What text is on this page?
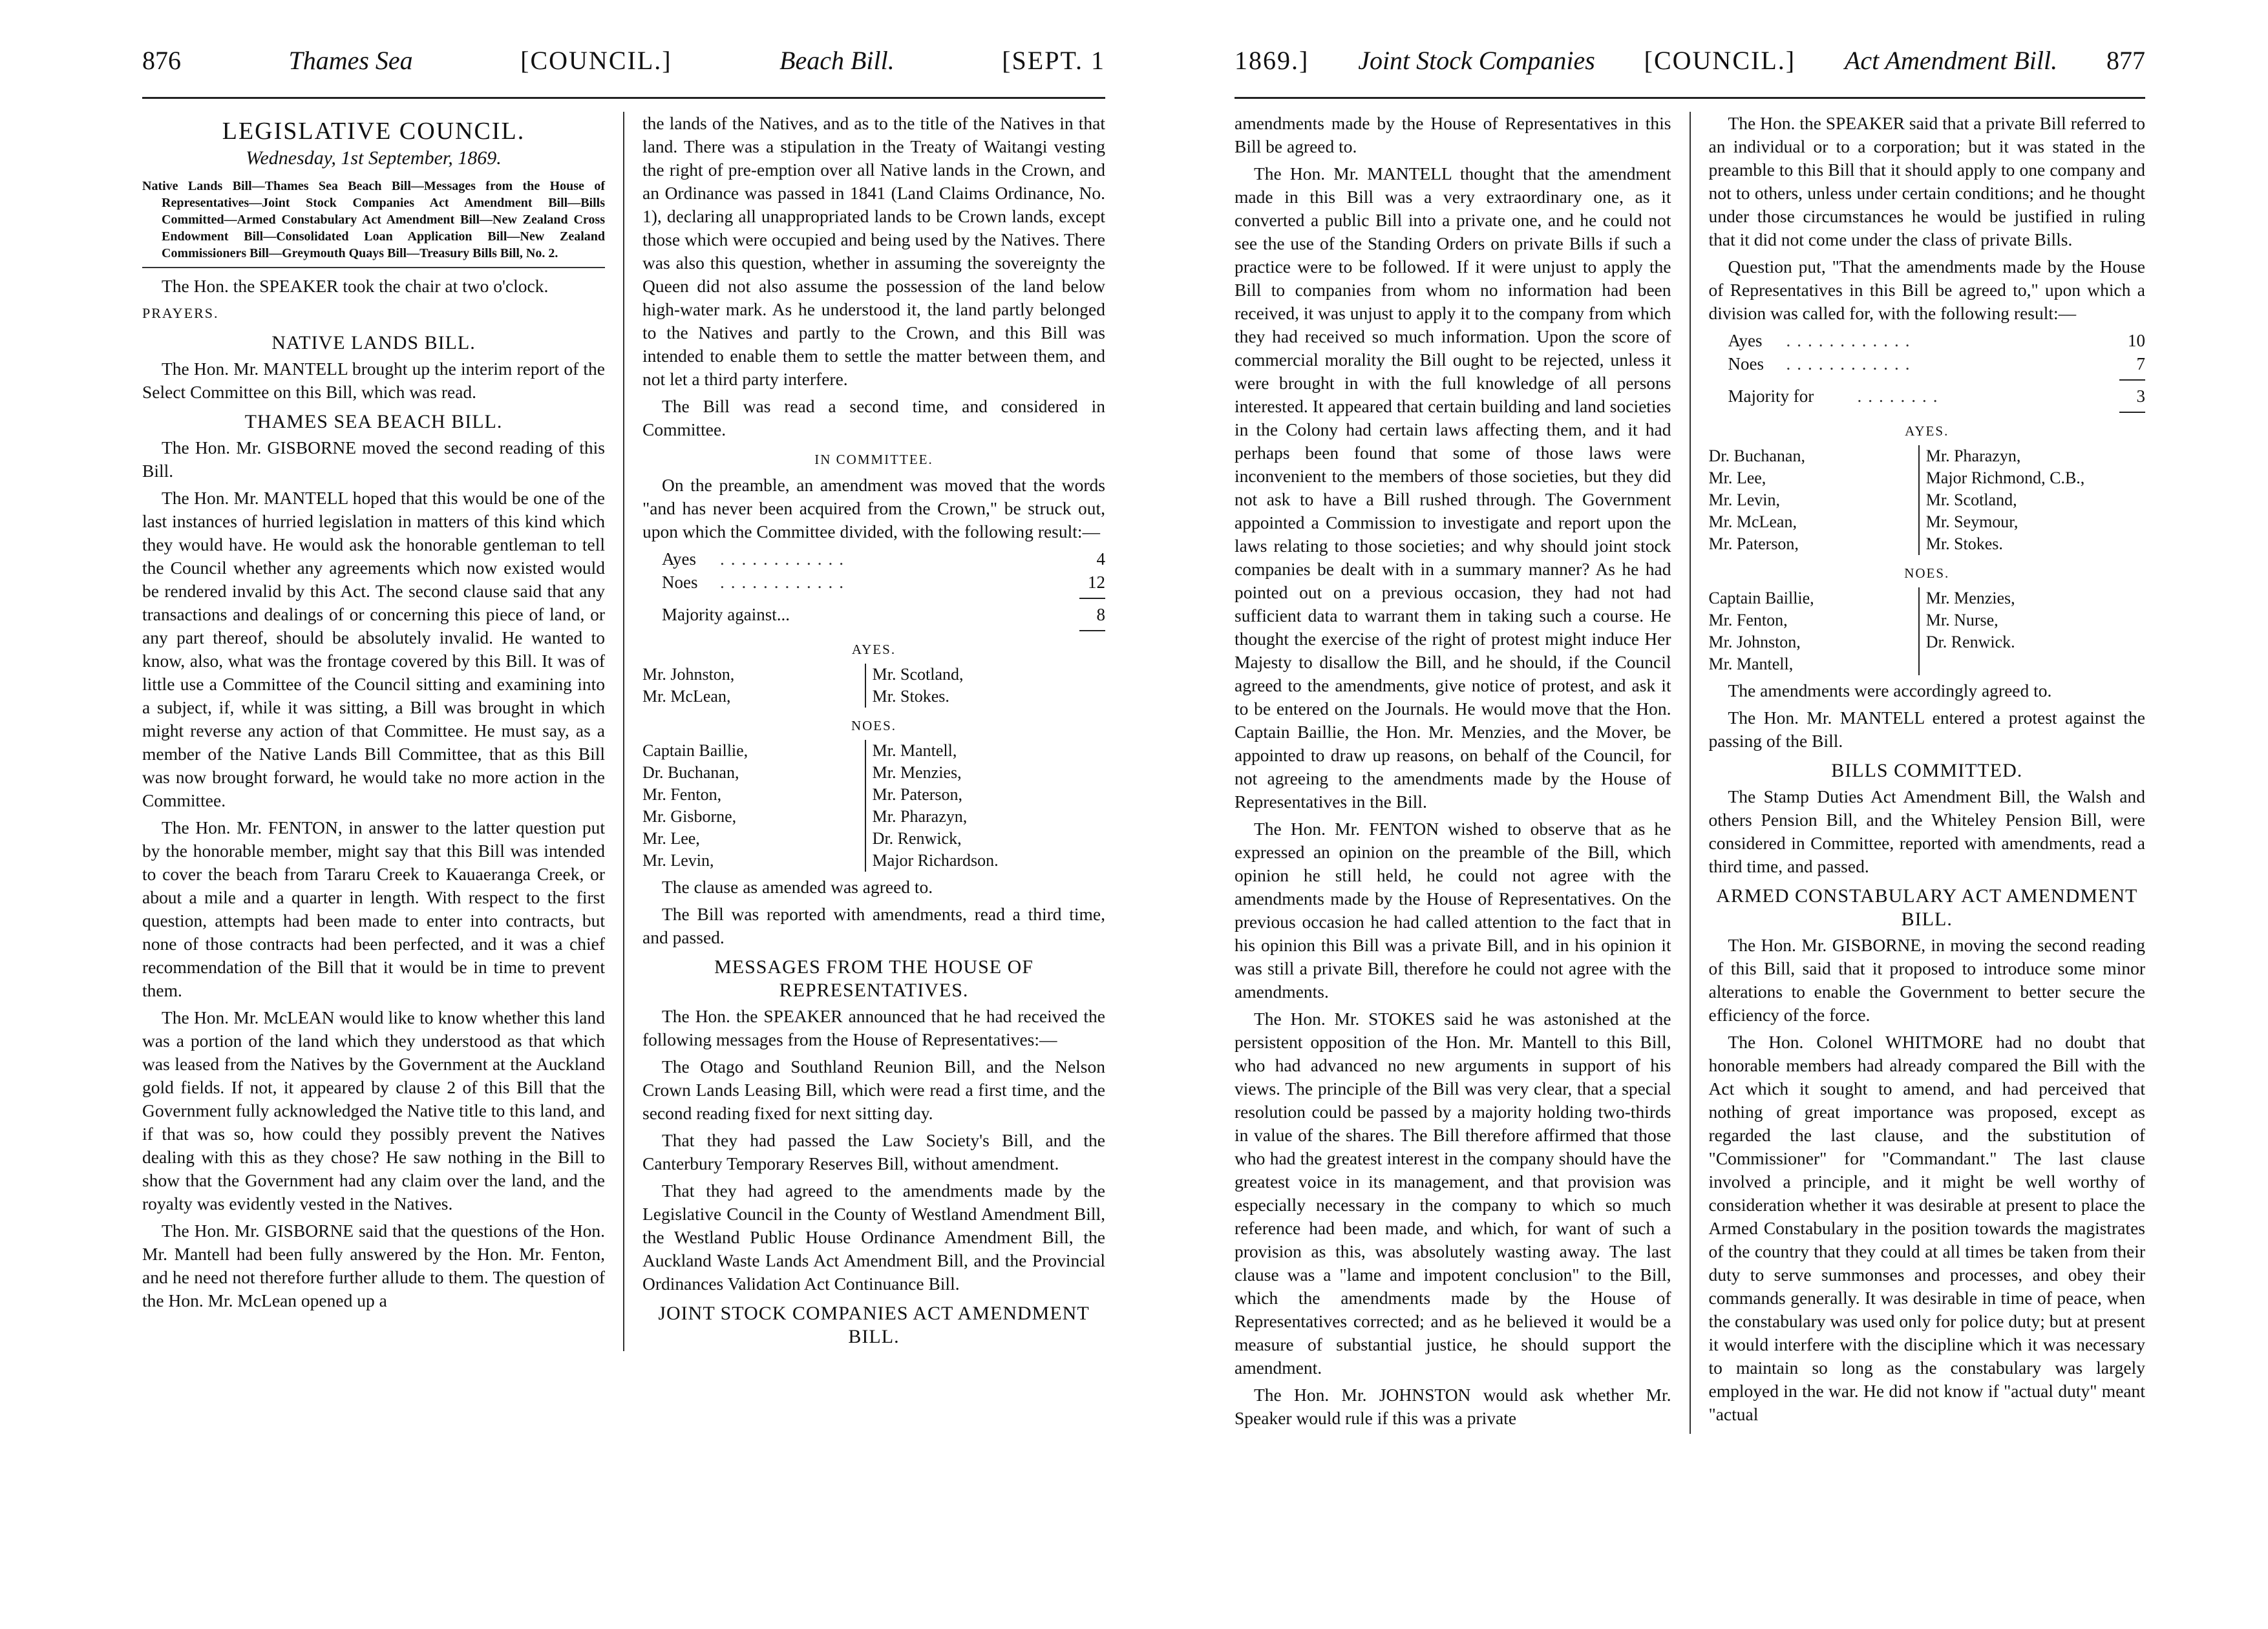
876	Thames Sea	[COUNCIL.]	Beach Bill.	[SEPT. 1
LEGISLATIVE COUNCIL.
Wednesday, 1st September, 1869.
Native Lands Bill—Thames Sea Beach Bill—Messages from the House of Representatives—Joint Stock Companies Act Amendment Bill—Bills Committed—Armed Constabulary Act Amendment Bill—New Zealand Cross Endowment Bill—Consolidated Loan Application Bill—New Zealand Commissioners Bill—Greymouth Quays Bill—Treasury Bills Bill, No. 2.

The Hon. the SPEAKER took the chair at two o'clock.

PRAYERS.
NATIVE LANDS BILL.

The Hon. Mr. MANTELL brought up the interim report of the Select Committee on this Bill, which was read.

THAMES SEA BEACH BILL.

The Hon. Mr. GISBORNE moved the second reading of this Bill.

The Hon. Mr. MANTELL hoped that this would be one of the last instances of hurried legislation in matters of this kind which they would have. He would ask the honorable gentleman to tell the Council whether any agreements which now existed would be rendered invalid by this Act. The second clause said that any transactions and dealings of or concerning this piece of land, or any part thereof, should be absolutely invalid. He wanted to know, also, what was the frontage covered by this Bill. It was of little use a Committee of the Council sitting and examining into a subject, if, while it was sitting, a Bill was brought in which might reverse any action of that Committee. He must say, as a member of the Native Lands Bill Committee, that as this Bill was now brought forward, he would take no more action in the Committee.

The Hon. Mr. FENTON, in answer to the latter question put by the honorable member, might say that this Bill was intended to cover the beach from Tararu Creek to Kauaeranga Creek, or about a mile and a quarter in length. With respect to the first question, attempts had been made to enter into contracts, but none of those contracts had been perfected, and it was a chief recommendation of the Bill that it would be in time to prevent them.

The Hon. Mr. McLEAN would like to know whether this land was a portion of the land which they understood as that which was leased from the Natives by the Government at the Auckland gold fields. If not, it appeared by clause 2 of this Bill that the Government fully acknowledged the Native title to this land, and if that was so, how could they possibly prevent the Natives dealing with this as they chose? He saw nothing in the Bill to show that the Government had any claim over the land, and the royalty was evidently vested in the Natives.

The Hon. Mr. GISBORNE said that the questions of the Hon. Mr. Mantell had been fully answered by the Hon. Mr. Fenton, and he need not therefore further allude to them. The question of the Hon. Mr. McLean opened up a

the lands of the Natives, and as to the title of the Natives in that land. There was a stipulation in the Treaty of Waitangi vesting the right of pre-emption over all Native lands in the Crown, and an Ordinance was passed in 1841 (Land Claims Ordinance, No. 1), declaring all unappropriated lands to be Crown lands, except those which were occupied and being used by the Natives. There was also this question, whether in assuming the sovereignty the Queen did not also assume the possession of the land below high-water mark. As he understood it, the land partly belonged to the Natives and partly to the Crown, and this Bill was intended to enable them to settle the matter between them, and not let a third party interfere.

The Bill was read a second time, and considered in Committee.

IN COMMITTEE.

On the preamble, an amendment was moved that the words "and has never been acquired from the Crown," be struck out, upon which the Committee divided, with the following result:—

Ayes	............	4
Noes	............	12
Majority against...	8
AYES.
Mr. Johnston,
Mr. McLean,
Mr. Scotland,
Mr. Stokes.
NOES.
Captain Baillie,
Dr. Buchanan,
Mr. Fenton,
Mr. Gisborne,
Mr. Lee,
Mr. Levin,
Mr. Mantell,
Mr. Menzies,
Mr. Paterson,
Mr. Pharazyn,
Dr. Renwick,
Major Richardson.

The clause as amended was agreed to.

The Bill was reported with amendments, read a third time, and passed.

MESSAGES FROM THE HOUSE OF REPRESENTATIVES.

The Hon. the SPEAKER announced that he had received the following messages from the House of Representatives:—

The Otago and Southland Reunion Bill, and the Nelson Crown Lands Leasing Bill, which were read a first time, and the second reading fixed for next sitting day.

That they had passed the Law Society's Bill, and the Canterbury Temporary Reserves Bill, without amendment.

That they had agreed to the amendments made by the Legislative Council in the County of Westland Amendment Bill, the Westland Public House Ordinance Amendment Bill, the Auckland Waste Lands Act Amendment Bill, and the Provincial Ordinances Validation Act Continuance Bill.

JOINT STOCK COMPANIES ACT AMENDMENT BILL.
1869.] Joint Stock Companies [COUNCIL.] Act Amendment Bill. 877

amendments made by the House of Representatives in this Bill be agreed to.

The Hon. Mr. MANTELL thought that the amendment made in this Bill was a very extraordinary one, as it converted a public Bill into a private one, and he could not see the use of the Standing Orders on private Bills if such a practice were to be followed. If it were unjust to apply the Bill to companies from whom no information had been received, it was unjust to apply it to the company from which they had received so much information. Upon the score of commercial morality the Bill ought to be rejected, unless it were brought in with the full knowledge of all persons interested. It appeared that certain building and land societies in the Colony had certain laws affecting them, and it had perhaps been found that some of those laws were inconvenient to the members of those societies, but they did not ask to have a Bill rushed through. The Government appointed a Commission to investigate and report upon the laws relating to those societies; and why should joint stock companies be dealt with in a summary manner? As he had pointed out on a previous occasion, they had not had sufficient data to warrant them in taking such a course. He thought the exercise of the right of protest might induce Her Majesty to disallow the Bill, and he should, if the Council agreed to the amendments, give notice of protest, and ask it to be entered on the Journals. He would move that the Hon. Captain Baillie, the Hon. Mr. Menzies, and the Mover, be appointed to draw up reasons, on behalf of the Council, for not agreeing to the amendments made by the House of Representatives in the Bill.

The Hon. Mr. FENTON wished to observe that as he expressed an opinion on the preamble of the Bill, which opinion he still held, he could not agree with the amendments made by the House of Representatives. On the previous occasion he had called attention to the fact that in his opinion this Bill was a private Bill, and in his opinion it was still a private Bill, therefore he could not agree with the amendments.

The Hon. Mr. STOKES said he was astonished at the persistent opposition of the Hon. Mr. Mantell to this Bill, who had advanced no new arguments in support of his views. The principle of the Bill was very clear, that a special resolution could be passed by a majority holding two-thirds in value of the shares. The Bill therefore affirmed that those who had the greatest interest in the company should have the greatest voice in its management, and that provision was especially necessary in the company to which so much reference had been made, and which, for want of such a provision as this, was absolutely wasting away. The last clause was a "lame and impotent conclusion" to the Bill, which the amendments made by the House of Representatives corrected; and as he believed it would be a measure of substantial justice, he should support the amendment.

The Hon. Mr. JOHNSTON would ask whether Mr. Speaker would rule if this was a private

The Hon. the SPEAKER said that a private Bill referred to an individual or to a corporation; but it was stated in the preamble to this Bill that it should apply to one company and not to others, unless under certain conditions; and he thought under those circumstances he would be justified in ruling that it did not come under the class of private Bills.

Question put, "That the amendments made by the House of Representatives in this Bill be agreed to," upon which a division was called for, with the following result:—

Ayes	............	10
Noes	............	7
Majority for	........	3
AYES.
Dr. Buchanan,
Mr. Lee,
Mr. Levin,
Mr. McLean,
Mr. Paterson,
Mr. Pharazyn,
Major Richmond, C.B.,
Mr. Scotland,
Mr. Seymour,
Mr. Stokes.
NOES.
Captain Baillie,
Mr. Fenton,
Mr. Johnston,
Mr. Mantell,
Mr. Menzies,
Mr. Nurse,
Dr. Renwick.

The amendments were accordingly agreed to.

The Hon. Mr. MANTELL entered a protest against the passing of the Bill.

BILLS COMMITTED.

The Stamp Duties Act Amendment Bill, the Walsh and others Pension Bill, and the Whiteley Pension Bill, were considered in Committee, reported with amendments, read a third time, and passed.

ARMED CONSTABULARY ACT AMENDMENT BILL.

The Hon. Mr. GISBORNE, in moving the second reading of this Bill, said that it proposed to introduce some minor alterations to enable the Government to better secure the efficiency of the force.

The Hon. Colonel WHITMORE had no doubt that honorable members had already compared the Bill with the Act which it sought to amend, and had perceived that nothing of great importance was proposed, except as regarded the last clause, and the substitution of "Commissioner" for "Commandant." The last clause involved a principle, and it might be well worthy of consideration whether it was desirable at present to place the Armed Constabulary in the position towards the magistrates of the country that they could at all times be taken from their duty to serve summonses and processes, and obey their commands generally. It was desirable in time of peace, when the constabulary was used only for police duty; but at present it would interfere with the discipline which it was necessary to maintain so long as the constabulary was largely employed in the war. He did not know if "actual duty" meant "actual
